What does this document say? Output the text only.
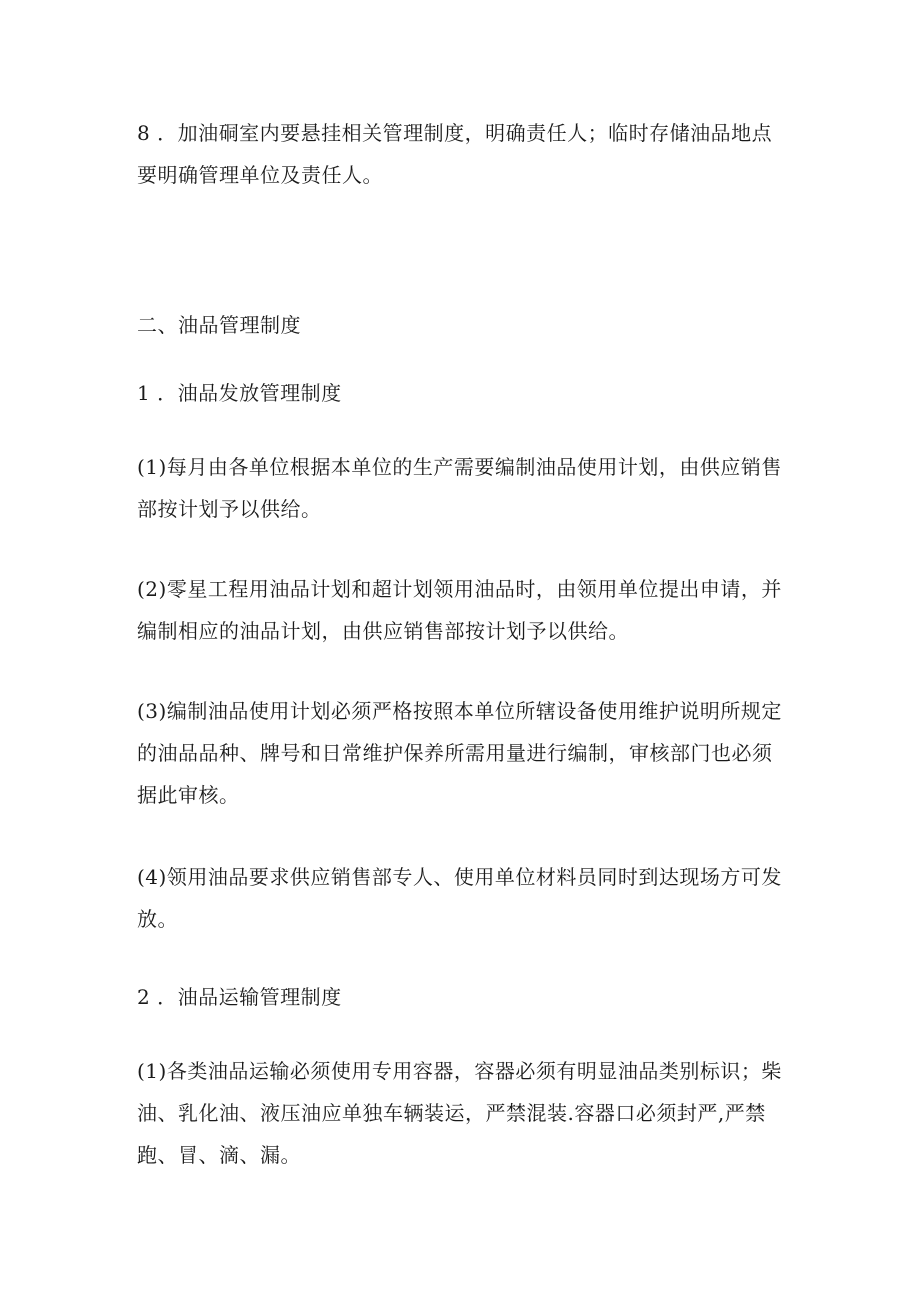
8 ．加油硐室内要悬挂相关管理制度，明确责任人；临时存储油品地点要明确管理单位及责任人。

二、油品管理制度

1 ．油品发放管理制度

(1)每月由各单位根据本单位的生产需要编制油品使用计划，由供应销售部按计划予以供给。

(2)零星工程用油品计划和超计划领用油品时，由领用单位提出申请，并编制相应的油品计划，由供应销售部按计划予以供给。

(3)编制油品使用计划必须严格按照本单位所辖设备使用维护说明所规定的油品品种、牌号和日常维护保养所需用量进行编制，审核部门也必须据此审核。

(4)领用油品要求供应销售部专人、使用单位材料员同时到达现场方可发放。

2 ．油品运输管理制度

(1)各类油品运输必须使用专用容器，容器必须有明显油品类别标识；柴油、乳化油、液压油应单独车辆装运，严禁混装.容器口必须封严,严禁跑、冒、滴、漏。
